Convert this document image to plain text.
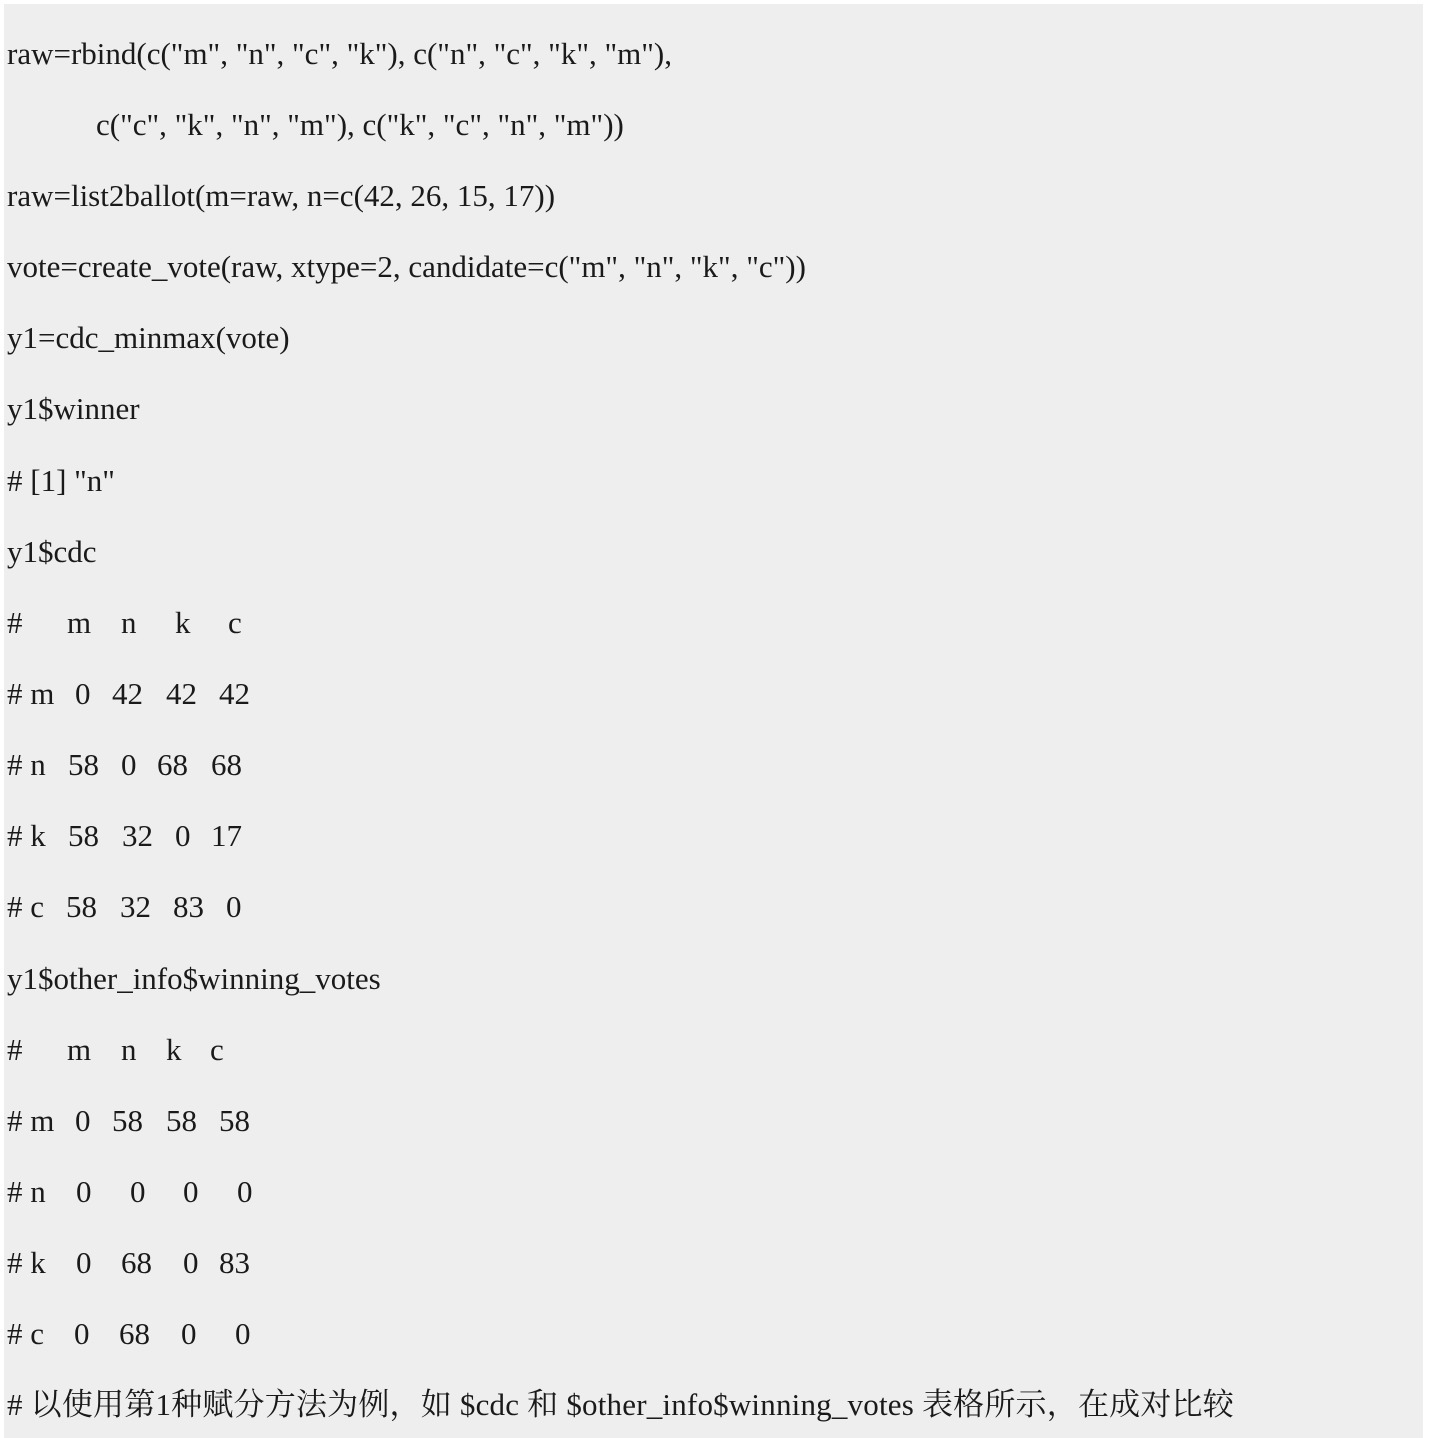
raw=rbind(c("m", "n", "c", "k"), c("n", "c", "k", "m"),
c("c", "k", "n", "m"), c("k", "c", "n", "m"))
raw=list2ballot(m=raw, n=c(42, 26, 15, 17))
vote=create_vote(raw, xtype=2, candidate=c("m", "n", "k", "c"))
y1=cdc_minmax(vote)
y1$winner
# [1] "n"
y1$cdc

#

m

n

k

c

# m

0

42

42

42

# n

58

0

68

68

# k

58

32

0

17

# c

58

32

83

0

y1$other_info$winning_votes

#

m

n

k

c

# m

0

58

58

58

# n

0

0

0

0

# k

0

68

0

83

# c

0

68

0

0

# 以使用第1种赋分方法为例，如 $cdc 和 $other_info$winning_votes 表格所示，在成对比较
